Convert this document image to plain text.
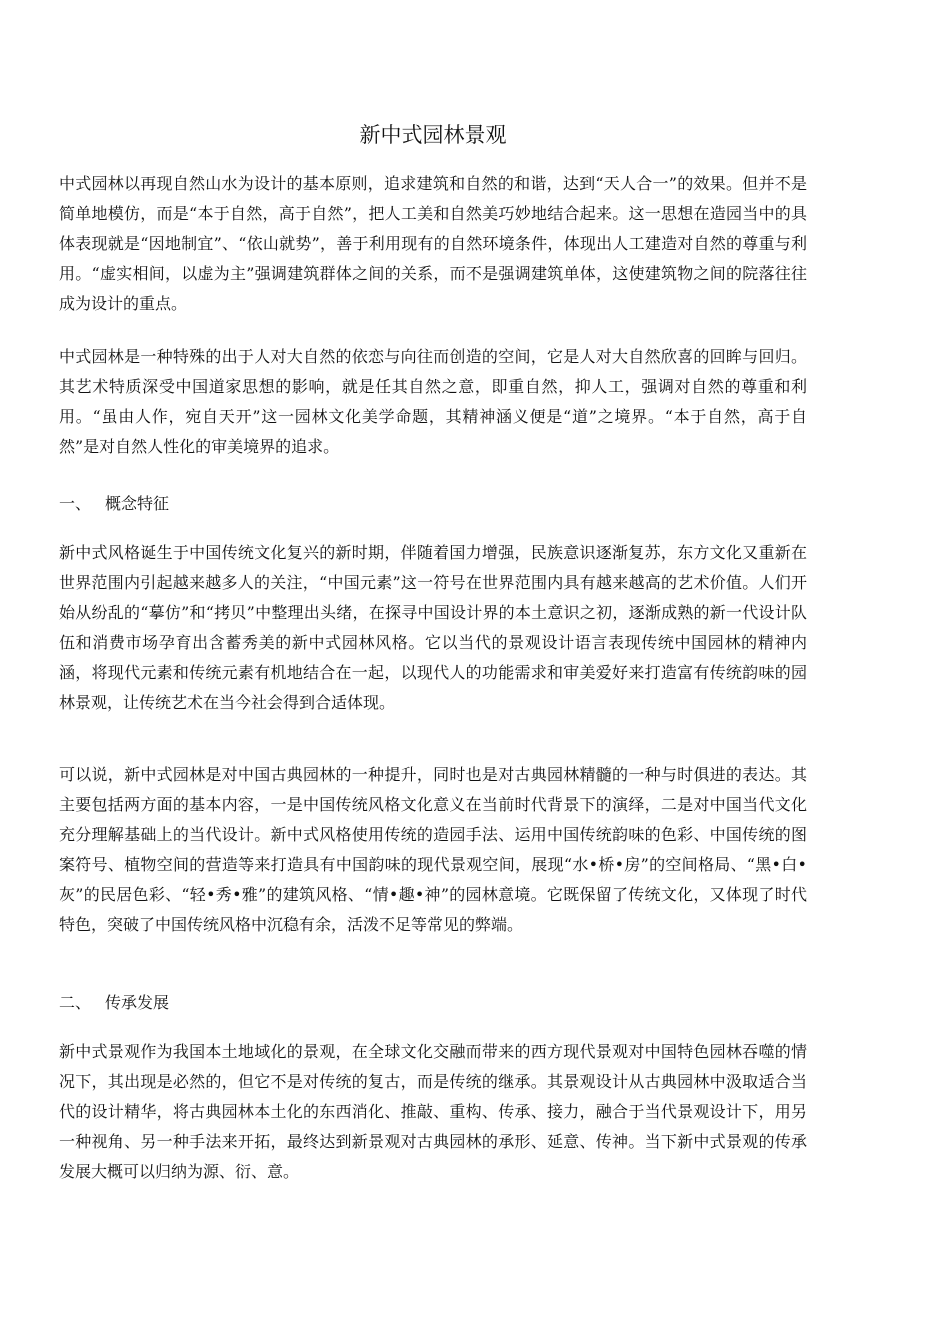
新中式园林景观

中式园林以再现自然山水为设计的基本原则，追求建筑和自然的和谐，达到“天人合一”的效果。但并不是简单地模仿，而是“本于自然，高于自然”，把人工美和自然美巧妙地结合起来。这一思想在造园当中的具体表现就是“因地制宜”、“依山就势”，善于利用现有的自然环境条件，体现出人工建造对自然的尊重与利用。“虚实相间，以虚为主”强调建筑群体之间的关系，而不是强调建筑单体，这使建筑物之间的院落往往成为设计的重点。

中式园林是一种特殊的出于人对大自然的依恋与向往而创造的空间，它是人对大自然欣喜的回眸与回归。其艺术特质深受中国道家思想的影响，就是任其自然之意，即重自然，抑人工，强调对自然的尊重和利用。“虽由人作，宛自天开”这一园林文化美学命题，其精神涵义便是“道”之境界。“本于自然，高于自然”是对自然人性化的审美境界的追求。

一、 概念特征

新中式风格诞生于中国传统文化复兴的新时期，伴随着国力增强，民族意识逐渐复苏，东方文化又重新在世界范围内引起越来越多人的关注，“中国元素”这一符号在世界范围内具有越来越高的艺术价值。人们开始从纷乱的“摹仿”和“拷贝”中整理出头绪，在探寻中国设计界的本土意识之初，逐渐成熟的新一代设计队伍和消费市场孕育出含蓄秀美的新中式园林风格。它以当代的景观设计语言表现传统中国园林的精神内涵，将现代元素和传统元素有机地结合在一起，以现代人的功能需求和审美爱好来打造富有传统韵味的园林景观，让传统艺术在当今社会得到合适体现。

可以说，新中式园林是对中国古典园林的一种提升，同时也是对古典园林精髓的一种与时俱进的表达。其主要包括两方面的基本内容，一是中国传统风格文化意义在当前时代背景下的演绎，二是对中国当代文化充分理解基础上的当代设计。新中式风格使用传统的造园手法、运用中国传统韵味的色彩、中国传统的图案符号、植物空间的营造等来打造具有中国韵味的现代景观空间，展现“水•桥•房”的空间格局、“黑•白•灰”的民居色彩、“轻•秀•雅”的建筑风格、“情•趣•神”的园林意境。它既保留了传统文化，又体现了时代特色，突破了中国传统风格中沉稳有余，活泼不足等常见的弊端。

二、 传承发展

新中式景观作为我国本土地域化的景观，在全球文化交融而带来的西方现代景观对中国特色园林吞噬的情况下，其出现是必然的，但它不是对传统的复古，而是传统的继承。其景观设计从古典园林中汲取适合当代的设计精华，将古典园林本土化的东西消化、推敲、重构、传承、接力，融合于当代景观设计下，用另一种视角、另一种手法来开拓，最终达到新景观对古典园林的承形、延意、传神。当下新中式景观的传承发展大概可以归纳为源、衍、意。
